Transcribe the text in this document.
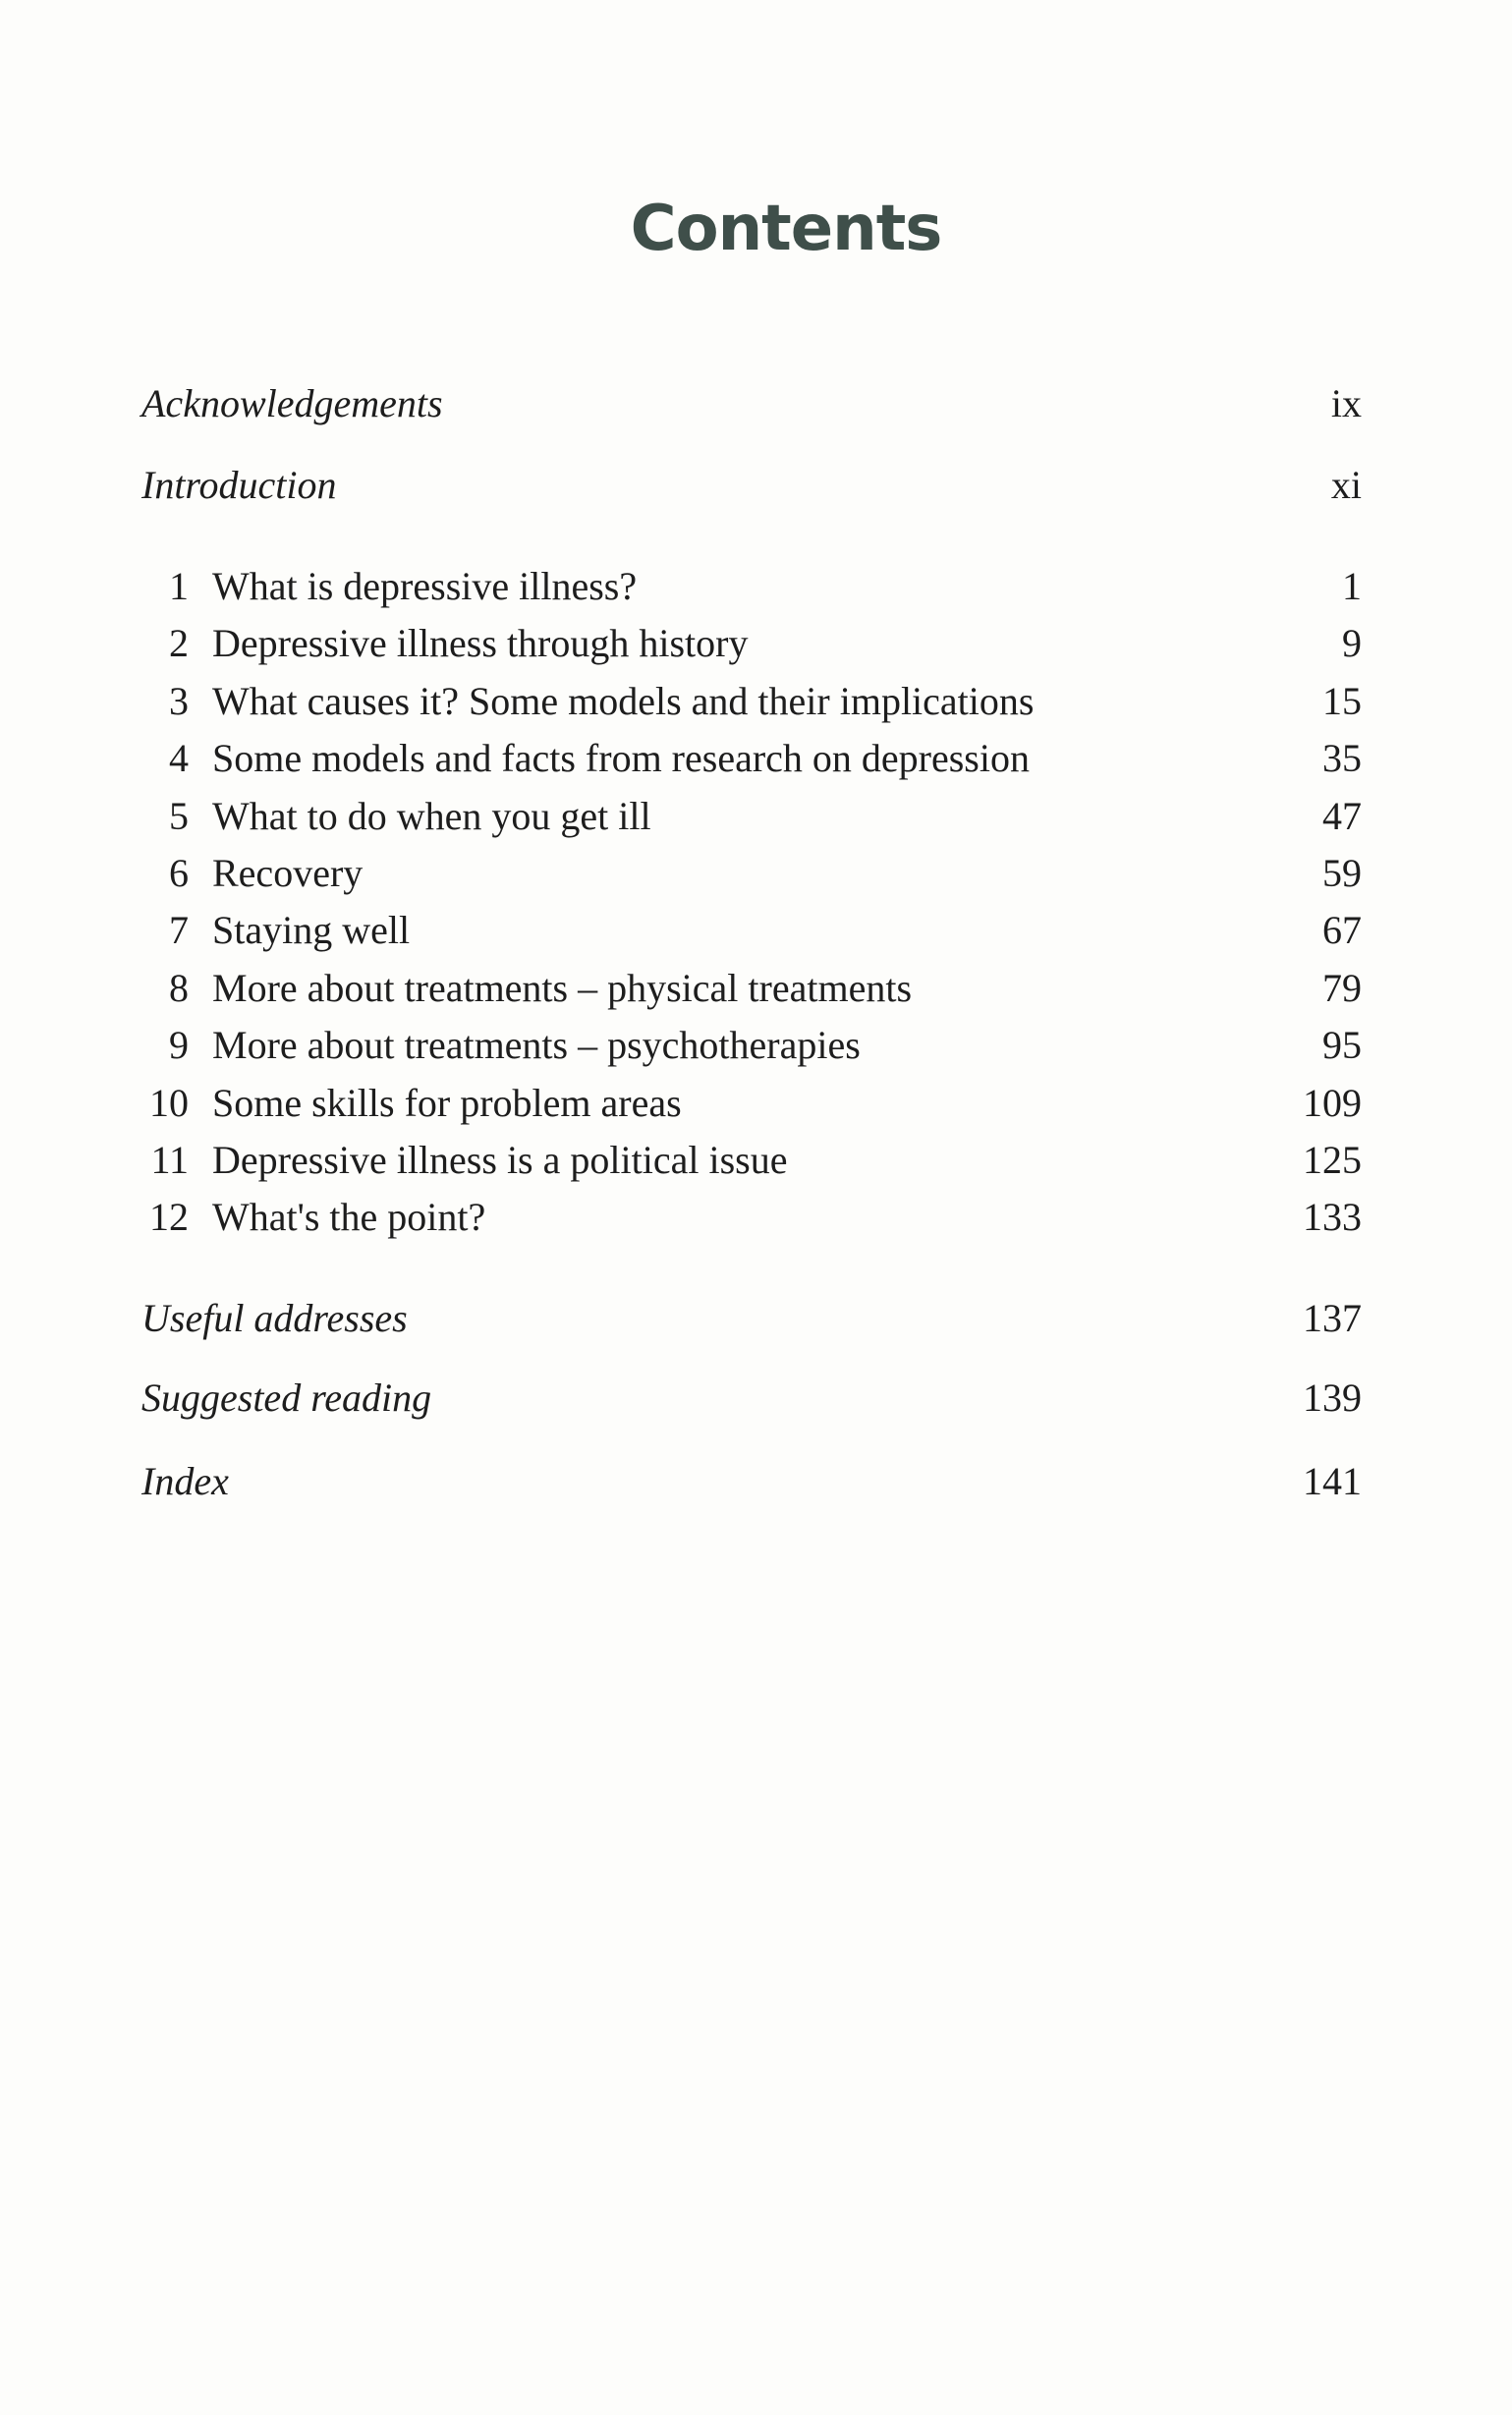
Contents
Acknowledgements	ix
Introduction	xi
1 What is depressive illness?	1
2 Depressive illness through history	9
3 What causes it? Some models and their implications	15
4 Some models and facts from research on depression	35
5 What to do when you get ill	47
6 Recovery	59
7 Staying well	67
8 More about treatments – physical treatments	79
9 More about treatments – psychotherapies	95
10 Some skills for problem areas	109
11 Depressive illness is a political issue	125
12 What's the point?	133
Useful addresses	137
Suggested reading	139
Index	141
